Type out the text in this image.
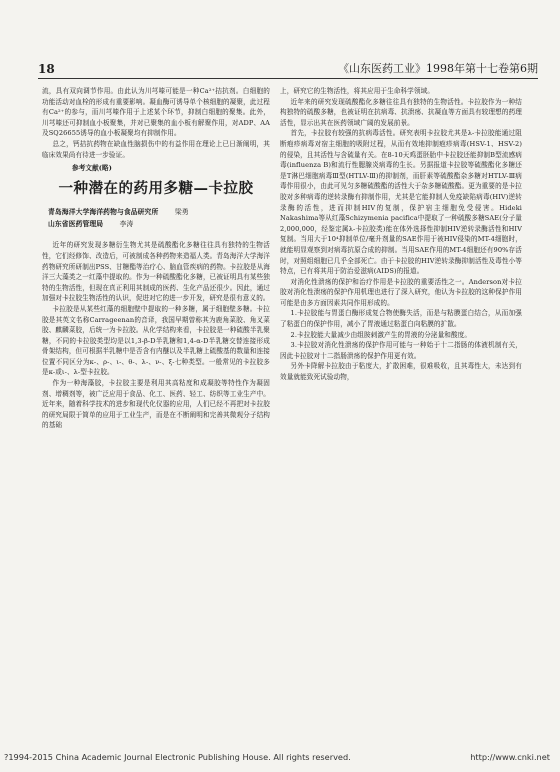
18	《山东医药工业》1998年第十七卷第6期

流，具有双向调节作用。由此认为川芎嗪可能是一种Ca²⁺拮抗剂。白细胞的功能活动对血栓的形成有重要影响。凝血酶可诱导单个核细胞的凝聚，此过程有Ca²⁺的参与，而川芎嗪作用于上述某个环节，抑制白细胞的聚集。此外，川芎嗪还可抑制血小板聚集，并对已聚集的血小板有解聚作用，对ADP、AA及SQ26655诱导的血小板凝聚均有抑制作用。

总之，钙拮抗药物在缺血性脑损伤中的有益作用在理论上已日渐阐明，其临床效果尚有待进一步验证。

参考文献(略)
一种潜在的药用多糖—卡拉胶
青岛海洋大学海洋药物与食品研究所 梁勇
山东省医药管理局 李涛

近年的研究发现多糖衍生物尤其是硫酸酯化多糖往往具有独特的生物活性，它们经修饰、改造后，可被制成各种药物来造福人类。青岛海洋大学海洋药物研究所研制出PSS、甘糖酯等治疗心、脑血管疾病的药物。卡拉胶是从海洋三大藻类之一红藻中提取的。作为一种硫酸酯化多糖，已被证明具有某些独特的生物活性，但现在真正利用其制成的医药、生化产品还很少。因此，通过加强对卡拉胶生物活性的认识，促进对它的进一步开发，研究是很有意义的。

卡拉胶是从某些红藻的细胞壁中提取的一种多糖，属于细胞壁多糖。卡拉胶是其英文名称Carrageenan的音译，我国早期曾称其为鹿角菜胶、角叉菜胶、麒麟菜胶，后统一为卡拉胶。从化学结构来看，卡拉胶是一种硫酸半乳聚糖，不同的卡拉胶类型均是以1,3-β-D半乳糖和1,4-α-D半乳糖交替连接形成骨架结构，但可根据半乳糖中是否含有内醚以及半乳糖上硫酸基的数量和连接位置不同区分为κ-、ρ-、ι-、θ-、λ-、ν-、ξ-七种类型。一般常见的卡拉胶多是κ-或ι-、λ-型卡拉胶。

作为一种海藻胶，卡拉胶主要是利用其高粘度和成凝胶等特性作为凝固剂、增稠剂等，被广泛应用于食品、化工、医药、轻工、纺织等工业生产中。近年来，随着科学技术的进步和现代化仪器的应用，人们已经不再把对卡拉胶的研究局限于简单的应用于工业生产，而是在不断阐明和完善其微观分子结构的基础

上，研究它的生物活性，将其应用于生命科学领域。

近年来的研究发现硫酸酯化多糖往往具有独特的生物活性。卡拉胶作为一种结构独特的硫酸多糖，也被证明在抗病毒、抗溃疡、抗凝血等方面具有较理想的药理活性，显示出其在医药领域广阔的发展前景。

首先，卡拉胶有较强的抗病毒活性。研究表明卡拉胶尤其是λ-卡拉胶能通过阻断疱疹病毒对宿主细胞的吸附过程，从而有效地抑制疱疹病毒(HSV-1、HSV-2)的侵染，且其活性与含硫量有关。在8-10天鸡蛋胚胎中卡拉胶还能抑制B型流感病毒(influenza B)和流行性腮腺炎病毒的生长。另据报道卡拉胶等硫酸酯化多糖还是T淋巴细胞病毒Ⅲ型(HTLV-Ⅲ)的抑制剂，而肝素等硫酸酯杂多糖对HTLV-Ⅲ病毒作用很小，由此可见匀多糖硫酸酯的活性大于杂多糖硫酸酯。更为重要的是卡拉胶对多种病毒的逆转录酶有抑制作用，尤其是它能抑制人免疫缺陷病毒(HIV)逆转录酶的活性，进而抑制HIV的复制，保护宿主细胞免受侵害。Hideki Nakashima等从红藻Schizymenia pacifica中提取了一种硫酸多糖SAE(分子量2,000,000，经鉴定属λ-卡拉胶类)能在体外选择性抑制HIV逆转录酶活性和HIV复制。当用大于10⁴抑制单位/毫升剂量的SAE作用于被HIV侵染的MT-4细胞时，就能明显观察到对病毒抗原合成的抑制。当用SAE作用的MT-4细胞还有90%存活时，对照组细胞已几乎全部死亡。由于卡拉胶的HIV逆转录酶抑制活性及毒性小等特点，已有将其用于防治爱滋病(AIDS)的报道。

对消化性溃疡的保护和治疗作用是卡拉胶的重要活性之一。Anderson对卡拉胶对消化性溃疡的保护作用机理也进行了深入研究，他认为卡拉胶的这种保护作用可能是由多方面因素共同作用形成的。

1.卡拉胶能与胃蛋白酶形成复合物使酶失活，而是与粘膜蛋白结合，从而加强了粘蛋白的保护作用，减小了胃液通过粘蛋白向粘膜的扩散。

2.卡拉胶能大量减少由组胺刺激产生的胃液的分泌量和酸度。

3.卡拉胶对消化性溃疡的保护作用可能与一种始于十二指肠的体液机制有关，因此卡拉胶对十二指肠溃疡的保护作用更有效。

另外卡降解卡拉胶由于粘度大，扩散困难，很难吸收，且其毒性大，未达到有效量就能致死试验动物，

?1994-2015 China Academic Journal Electronic Publishing House. All rights reserved.	http://www.cnki.net
